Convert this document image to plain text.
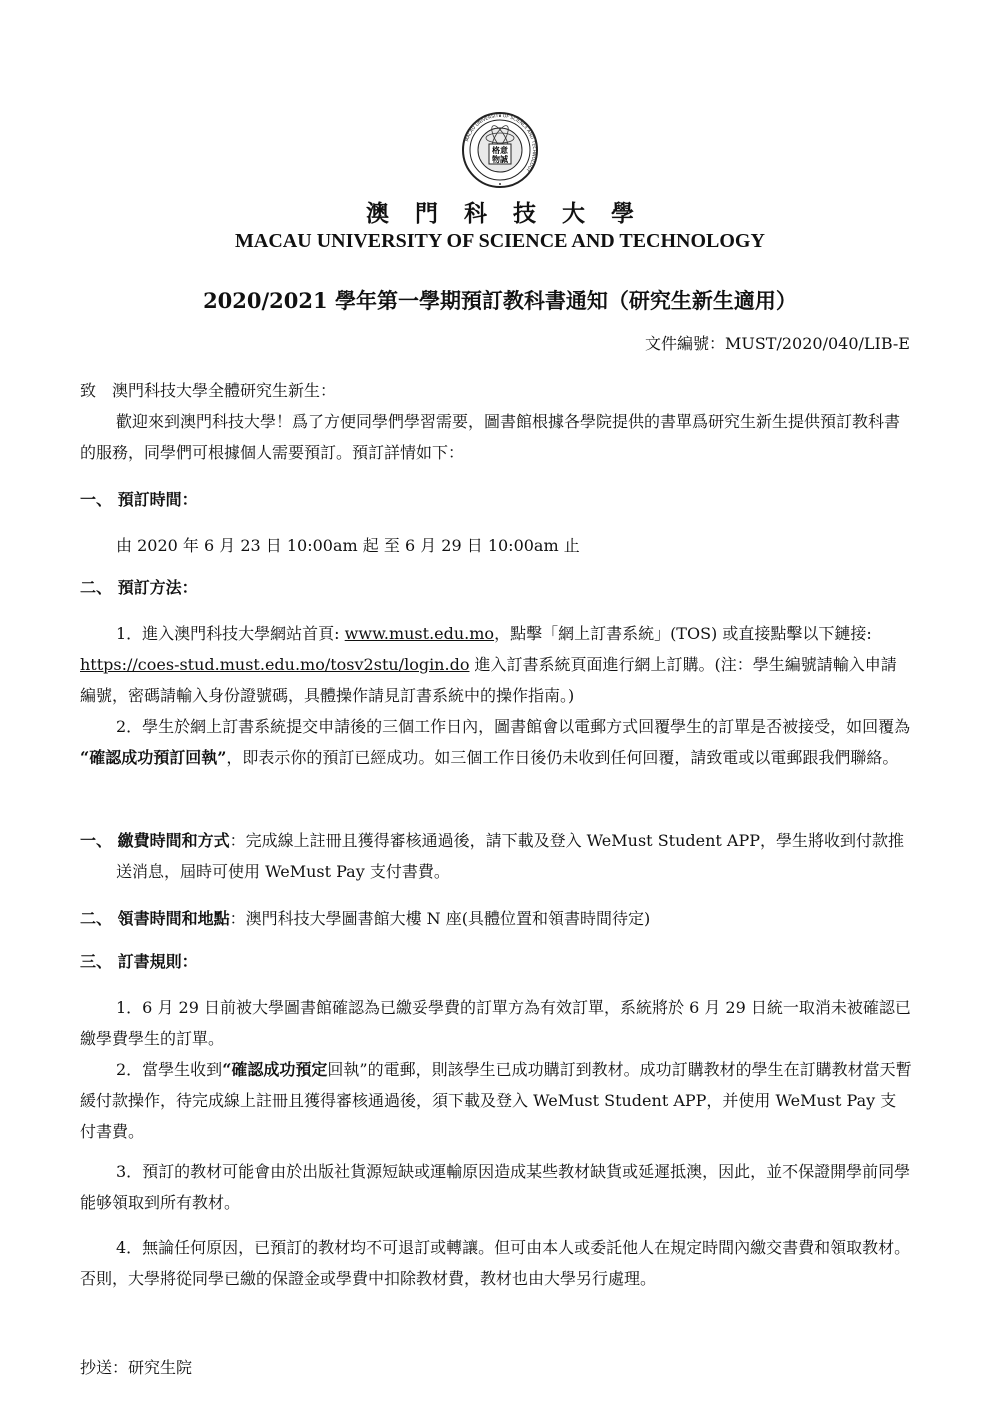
格意
物誠
MACAU UNIVERSITY OF SCIENCE AND TECHNOLOGY
澳門科技大學
MACAU UNIVERSITY OF SCIENCE AND TECHNOLOGY
2020/2021 學年第一學期預訂教科書通知（研究生新生適用）
文件編號：MUST/2020/040/LIB-E

致　澳門科技大學全體研究生新生：

歡迎來到澳門科技大學！爲了方便同學們學習需要，圖書館根據各學院提供的書單爲研究生新生提供預訂教科書的服務，同學們可根據個人需要預訂。預訂詳情如下：

一、 預訂時間：

由 2020 年 6 月 23 日 10:00am 起 至 6 月 29 日 10:00am 止

二、 預訂方法：

1．進入澳門科技大學網站首頁: www.must.edu.mo，點擊「網上訂書系統」(TOS) 或直接點擊以下鏈接: https://coes-stud.must.edu.mo/tosv2stu/login.do 進入訂書系統頁面進行網上訂購。(注：學生編號請輸入申請編號，密碼請輸入身份證號碼，具體操作請見訂書系統中的操作指南。)

2．學生於網上訂書系統提交申請後的三個工作日內，圖書館會以電郵方式回覆學生的訂單是否被接受，如回覆為 “確認成功預訂回執”，即表示你的預訂已經成功。如三個工作日後仍未收到任何回覆，請致電或以電郵跟我們聯絡。

一、 繳費時間和方式：完成線上註冊且獲得審核通過後，請下載及登入 WeMust Student APP，學生將收到付款推送消息，屆時可使用 WeMust Pay 支付書費。

二、 領書時間和地點：澳門科技大學圖書館大樓 N 座(具體位置和領書時間待定)

三、 訂書規則：

1．6 月 29 日前被大學圖書館確認為已繳妥學費的訂單方為有效訂單，系統將於 6 月 29 日統一取消未被確認已繳學費學生的訂單。

2．當學生收到“確認成功預定回執”的電郵，則該學生已成功購訂到教材。成功訂購教材的學生在訂購教材當天暫緩付款操作，待完成線上註冊且獲得審核通過後，須下載及登入 WeMust Student APP，并使用 WeMust Pay 支付書費。

3．預訂的教材可能會由於出版社貨源短缺或運輸原因造成某些教材缺貨或延遲抵澳，因此，並不保證開學前同學能够領取到所有教材。

4．無論任何原因，已預訂的教材均不可退訂或轉讓。但可由本人或委託他人在規定時間內繳交書費和領取教材。否則，大學將從同學已繳的保證金或學費中扣除教材費，教材也由大學另行處理。

抄送：研究生院
